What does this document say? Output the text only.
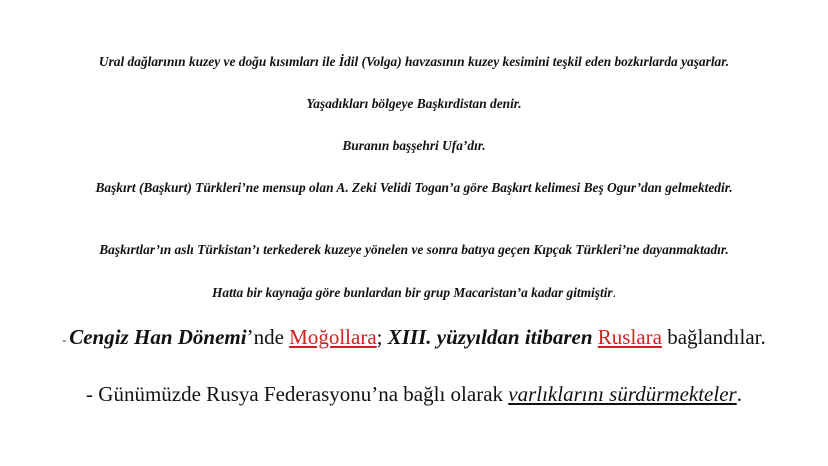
Ural dağlarının kuzey ve doğu kısımları ile İdil (Volga) havzasının kuzey kesimini teşkil eden bozkırlarda yaşarlar.

Yaşadıkları bölgeye Başkırdistan denir.

Buranın başşehri Ufa’dır.

Başkırt (Başkurt) Türkleri’ne mensup olan A. Zeki Velidi Togan’a göre Başkırt kelimesi Beş Ogur’dan gelmektedir.

Başkırtlar’ın aslı Türkistan’ı terkederek kuzeye yönelen ve sonra batıya geçen Kıpçak Türkleri’ne dayanmaktadır.

Hatta bir kaynağa göre bunlardan bir grup Macaristan’a kadar gitmiştir.

- Cengiz Han Dönemi’nde Moğollara; XIII. yüzyıldan itibaren Ruslara bağlandılar.

- Günümüzde Rusya Federasyonu’na bağlı olarak varlıklarını sürdürmekteler.
